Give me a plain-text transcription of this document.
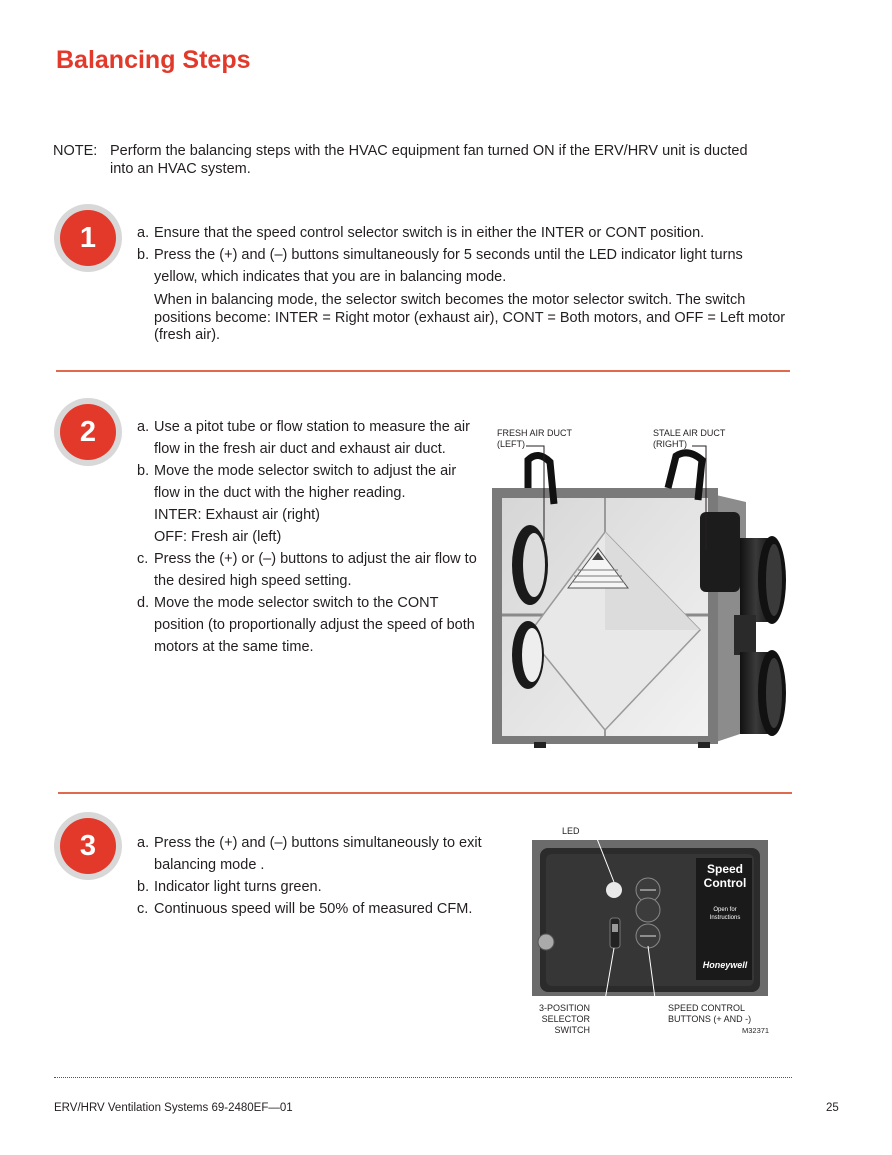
Balancing Steps
NOTE: Perform the balancing steps with the HVAC equipment fan turned ON if the ERV/HRV unit is ducted into an HVAC system.
1	a. Ensure that the speed control selector switch is in either the INTER or CONT position.
b. Press the (+) and (–) buttons simultaneously for 5 seconds until the LED indicator light turns yellow, which indicates that you are in balancing mode.
When in balancing mode, the selector switch becomes the motor selector switch. The switch positions become: INTER = Right motor (exhaust air), CONT = Both motors, and OFF = Left motor (fresh air).
2	a. Use a pitot tube or flow station to measure the air flow in the fresh air duct and exhaust air duct.
b. Move the mode selector switch to adjust the air flow in the duct with the higher reading.
INTER: Exhaust air (right)
OFF: Fresh air (left)
c. Press the (+) or (–) buttons to adjust the air flow to the desired high speed setting.
d. Move the mode selector switch to the CONT position (to proportionally adjust the speed of both motors at the same time.
FRESH AIR DUCT
(LEFT)
STALE AIR DUCT
(RIGHT)
3	a. Press the (+) and (–) buttons simultaneously to exit balancing mode .
b. Indicator light turns green.
c. Continuous speed will be 50% of measured CFM.
LED
Speed
Control
Open for
Instructions
Honeywell
3-POSITION
SELECTOR SWITCH
SPEED CONTROL
BUTTONS (+ AND -)
M32371
ERV/HRV Ventilation Systems 69-2480EF—01	25
